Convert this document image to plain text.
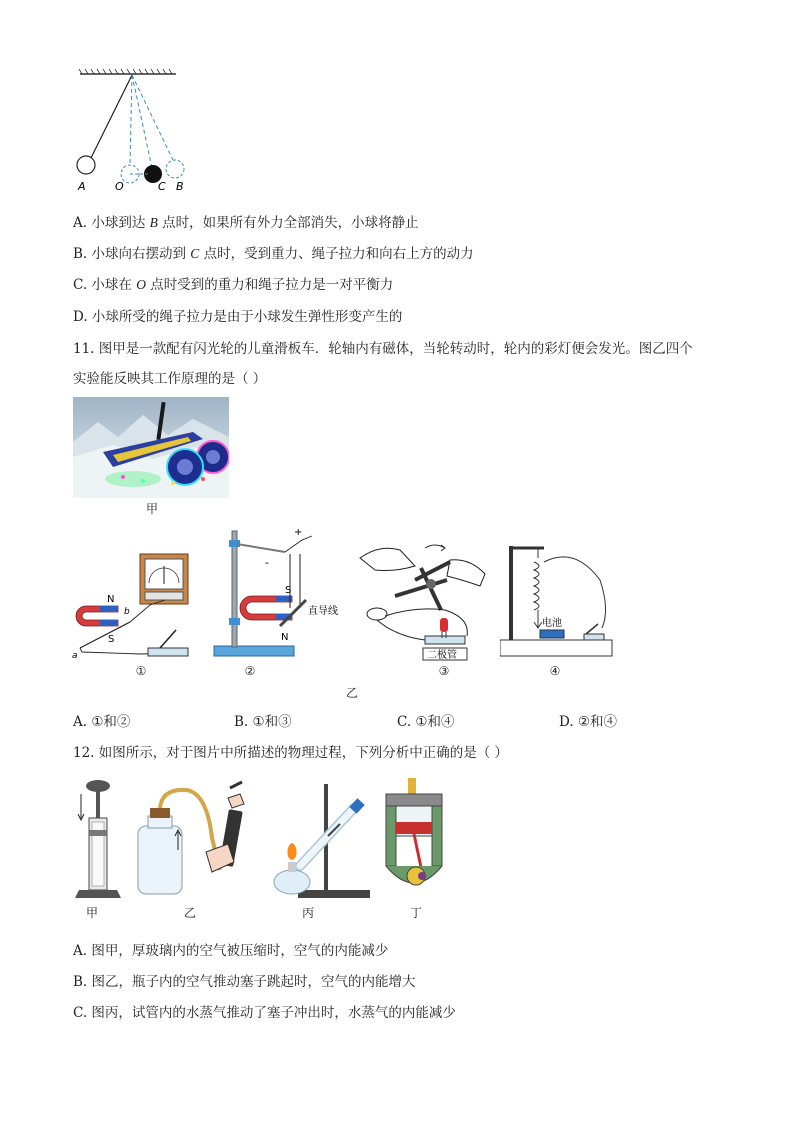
A	O	C B
A. 小球到达 B 点时，如果所有外力全部消失，小球将静止
B. 小球向右摆动到 C 点时，受到重力、绳子拉力和向右上方的动力
C. 小球在 O 点时受到的重力和绳子拉力是一对平衡力
D. 小球所受的绳子拉力是由于小球发生弹性形变产生的
11. 图甲是一款配有闪光轮的儿童滑板车．轮轴内有磁体，当轮转动时，轮内的彩灯便会发光。图乙四个
实验能反映其工作原理的是（ ）
甲
N
S
a
b
①
+
-
S
N
直导线
②
二极管
③
电池
④
乙
A. ①和②	B. ①和③	C. ①和④	D. ②和④
12. 如图所示，对于图片中所描述的物理过程，下列分析中正确的是（ ）
甲	乙	丙	丁
A. 图甲，厚玻璃内的空气被压缩时，空气的内能减少
B. 图乙，瓶子内的空气推动塞子跳起时，空气的内能增大
C. 图丙，试管内的水蒸气推动了塞子冲出时，水蒸气的内能减少
